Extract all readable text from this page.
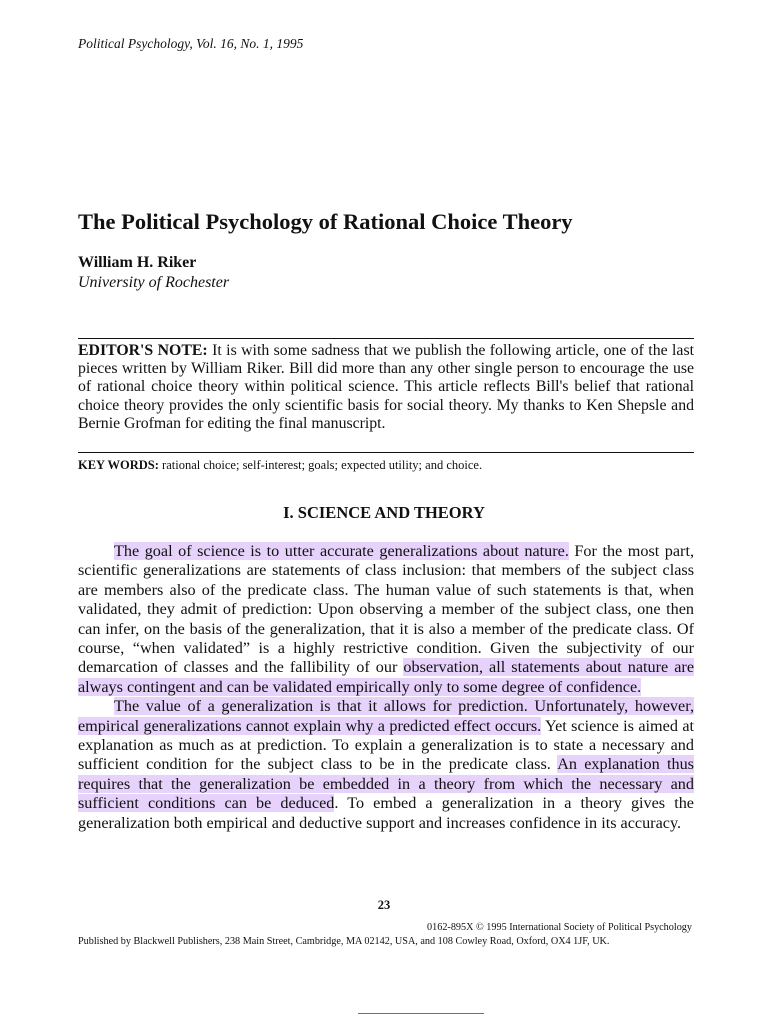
Political Psychology, Vol. 16, No. 1, 1995
The Political Psychology of Rational Choice Theory
William H. Riker
University of Rochester
EDITOR'S NOTE: It is with some sadness that we publish the following article, one of the last pieces written by William Riker. Bill did more than any other single person to encourage the use of rational choice theory within political science. This article reflects Bill's belief that rational choice theory provides the only scientific basis for social theory. My thanks to Ken Shepsle and Bernie Grofman for editing the final manuscript.
KEY WORDS: rational choice; self-interest; goals; expected utility; and choice.
I. SCIENCE AND THEORY

The goal of science is to utter accurate generalizations about nature. For the most part, scientific generalizations are statements of class inclusion: that members of the subject class are members also of the predicate class. The human value of such statements is that, when validated, they admit of prediction: Upon observing a member of the subject class, one then can infer, on the basis of the generalization, that it is also a member of the predicate class. Of course, “when validated” is a highly restrictive condition. Given the subjectivity of our demarcation of classes and the fallibility of our observation, all statements about nature are always contingent and can be validated empirically only to some degree of confidence.

The value of a generalization is that it allows for prediction. Unfortunately, however, empirical generalizations cannot explain why a predicted effect occurs. Yet science is aimed at explanation as much as at prediction. To explain a generalization is to state a necessary and sufficient condition for the subject class to be in the predicate class. An explanation thus requires that the generalization be embedded in a theory from which the necessary and sufficient conditions can be deduced. To embed a generalization in a theory gives the generalization both empirical and deductive support and increases confidence in its accuracy.

23
0162-895X © 1995 International Society of Political Psychology
Published by Blackwell Publishers, 238 Main Street, Cambridge, MA 02142, USA, and 108 Cowley Road, Oxford, OX4 1JF, UK.
